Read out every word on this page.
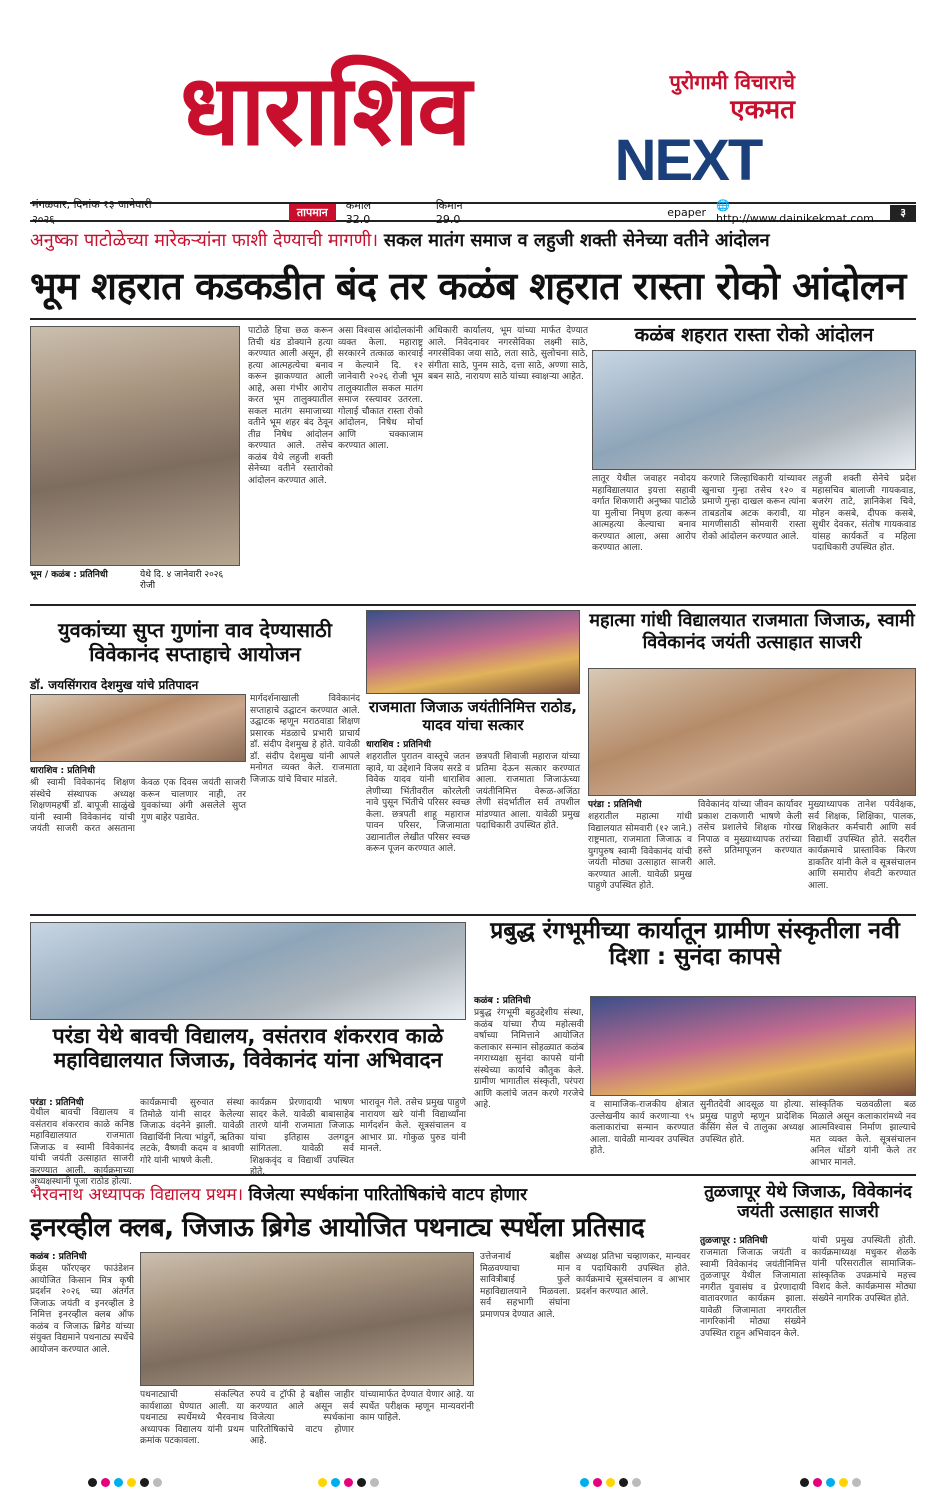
धाराशिव	पुरोगामी विचाराचे
एकमत
NEXT
मंगळवार, दिनांक १३ जानेवारी २०२६
तापमान	कमाल 32.0
किमान 29.0
epaper 🌐 http://www.dainikekmat.com	३
अनुष्का पाटोळेच्या मारेकऱ्यांना फाशी देण्याची मागणी। सकल मातंग समाज व लहुजी शक्ती सेनेच्या वतीने आंदोलन
भूम शहरात कडकडीत बंद तर कळंब शहरात रास्ता रोको आंदोलन
भूम / कळंब : प्रतिनिधी	येथे दि. ४ जानेवारी २०२६ रोजी
पाटोळे हिचा छळ करून तिची थंड डोक्याने हत्या करण्यात आली असून, ही हत्या आत्महत्येचा बनाव करून झाकण्यात आली आहे, असा गंभीर आरोप करत भूम तालुक्यातील सकल मातंग समाजाच्या वतीने भूम शहर बंद ठेवून तीव्र निषेध आंदोलन करण्यात आले. तसेच कळंब येथे लहुजी शक्ती सेनेच्या वतीने रस्तारोको आंदोलन करण्यात आले.
असा विश्वास आंदोलकांनी व्यक्त केला. महाराष्ट्र सरकारने तत्काळ कारवाई न केल्याने दि. १२ जानेवारी २०२६ रोजी भूम तालुक्यातील सकल मातंग समाज रस्त्यावर उतरला. गोलाई चौकात रास्ता रोको आंदोलन, निषेध मोर्चा आणि चक्काजाम करण्यात आला.
अधिकारी कार्यालय, भूम यांच्या मार्फत देण्यात आले. निवेदनावर नगरसेविका लक्ष्मी साठे, नगरसेविका जया साठे, लता साठे, सुलोचना साठे, संगीता साठे, पुनम साठे, दत्ता साठे, अण्णा साठे, बबन साठे, नारायण साठे यांच्या स्वाक्षऱ्या आहेत.
कळंब शहरात रास्ता रोको आंदोलन
लातूर येथील जवाहर नवोदय महाविद्यालयात इयत्ता सहावी वर्गात शिकणारी अनुष्का पाटोळे या मुलीचा निघृण हत्या करून आत्महत्या केल्याचा बनाव करण्यात आला, असा आरोप करण्यात आला.
करणारे जिल्हाधिकारी यांच्यावर खुनाचा गुन्हा तसेच १२० व प्रमाणे गुन्हा दाखल करून त्यांना ताबडतोब अटक करावी, या मागणीसाठी सोमवारी रास्ता रोको आंदोलन करण्यात आले.
लहुजी शक्ती सेनेचे प्रदेश महासचिव बालाजी गायकवाड, बजरंग ताटे, ज्ञानिकेश चिवे, मोहन कसबे, दीपक कसबे, सुधीर देवकर, संतोष गायकवाड यांसह कार्यकर्ते व महिला पदाधिकारी उपस्थित होत.
युवकांच्या सुप्त गुणांना वाव देण्यासाठी विवेकानंद सप्ताहाचे आयोजन
डॉ. जयसिंगराव देशमुख यांचे प्रतिपादन
धाराशिव : प्रतिनिधी
श्री स्वामी विवेकानंद शिक्षण संस्थेचे संस्थापक अध्यक्ष शिक्षणमहर्षी डॉ. बापूजी साळुंखे यांनी स्वामी विवेकानंद यांची जयंती साजरी करत असताना केवळ एक दिवस जयंती साजरी करून चालणार नाही, तर युवकांच्या अंगी असलेले सुप्त गुण बाहेर पडावेत.
मार्गदर्शनाखाली विवेकानंद सप्ताहाचे उद्घाटन करण्यात आले. उद्घाटक म्हणून मराठवाडा शिक्षण प्रसारक मंडळाचे प्रभारी प्राचार्य डॉ. संदीप देशमुख हे होते. यावेळी डॉ. संदीप देशमुख यांनी आपले मनोगत व्यक्त केले. राजमाता जिजाऊ यांचे विचार मांडले.
राजमाता जिजाऊ जयंतीनिमित्त राठोड, यादव यांचा सत्कार
धाराशिव : प्रतिनिधी
शहरातील पुरातन वास्तूचे जतन व्हावे, या उद्देशाने विजय सरडे व विवेक यादव यांनी धाराशिव लेणीच्या भिंतीवरील कोरलेली नावे पुसून भिंतीचे परिसर स्वच्छ केला. छत्रपती शाहू महाराज पावन परिसर, जिजामाता उद्यानातील लेखीत परिसर स्वच्छ करून पूजन करण्यात आले.
छत्रपती शिवाजी महाराज यांच्या प्रतिमा देऊन सत्कार करण्यात आला. राजमाता जिजाऊंच्या जयंतीनिमित्त वेरूळ-अजिंठा लेणी संदर्भातील सर्व तपशील मांडण्यात आला. यावेळी प्रमुख पदाधिकारी उपस्थित होते.
महात्मा गांधी विद्यालयात राजमाता जिजाऊ, स्वामी विवेकानंद जयंती उत्साहात साजरी
परंडा : प्रतिनिधी
शहरातील महात्मा गांधी विद्यालयात सोमवारी (१२ जाने.) राष्ट्रमाता, राजमाता जिजाऊ व युगपुरुष स्वामी विवेकानंद यांची जयंती मोठ्या उत्साहात साजरी करण्यात आली. यावेळी प्रमुख पाहुणे उपस्थित होते.
विवेकानंद यांच्या जीवन कार्यावर प्रकाश टाकणारी भाषणे केली तसेच प्रशालेचे शिक्षक गोरख निपाळ व मुख्याध्यापक तरांच्या हस्ते प्रतिमापूजन करण्यात आले.
मुख्याध्यापक तानेश पर्यवेक्षक, सर्व शिक्षक, शिक्षिका, पालक, शिक्षकेतर कर्मचारी आणि सर्व विद्यार्थी उपस्थित होते. सदरील कार्यक्रमाचे प्रास्ताविक किरण डाकतिर यांनी केले व सूत्रसंचालन आणि समारोप शेवटी करण्यात आला.
परंडा येथे बावची विद्यालय, वसंतराव शंकरराव काळे महाविद्यालयात जिजाऊ, विवेकानंद यांना अभिवादन
परंडा : प्रतिनिधी
येथील बावची विद्यालय व वसंतराव शंकरराव काळे कनिष्ठ महाविद्यालयात राजमाता जिजाऊ व स्वामी विवेकानंद यांची जयंती उत्साहात साजरी करण्यात आली. कार्यक्रमाच्या अध्यक्षस्थानी पूजा राठोड होत्या.
कार्यक्रमाची सुरुवात संस्था तिमोळे यांनी सादर केलेल्या जिजाऊ वंदनेने झाली. यावेळी विद्यार्थिनी नित्या भांडुर्गे, ऋतिका लटके, वैष्णवी कदम व श्रावणी गोरे यांनी भाषणे केली.
कार्यक्रम प्रेरणादायी भाषण सादर केले. यावेळी बाबासाहेब तारणे यांनी राजमाता जिजाऊ यांचा इतिहास उलगडून सांगितला. यावेळी सर्व शिक्षकवृंद व विद्यार्थी उपस्थित होते.
भारावून गेले. तसेच प्रमुख पाहुणे नारायण खरे यांनी विद्यार्थ्यांना मार्गदर्शन केले. सूत्रसंचालन व आभार प्रा. गोकुळ पुरुड यांनी मानले.
प्रबुद्ध रंगभूमीच्या कार्यातून ग्रामीण संस्कृतीला नवी दिशा : सुनंदा कापसे
कळंब : प्रतिनिधी
प्रबुद्ध रंगभूमी बहुउद्देशीय संस्था, कळंब यांच्या रौप्य महोत्सवी वर्षाच्या निमित्ताने आयोजित कलाकार सन्मान सोहळ्यात कळंब नगराध्यक्षा सुनंदा कापसे यांनी संस्थेच्या कार्याचे कौतुक केले. ग्रामीण भागातील संस्कृती, परंपरा आणि कलांचे जतन करणे गरजेचे आहे.	व सामाजिक-राजकीय क्षेत्रात उल्लेखनीय कार्य करणाऱ्या ९५ कलाकारांचा सन्मान करण्यात आला. यावेळी मान्यवर उपस्थित होते.
सुनीतदेवी आदसूळ या होत्या. प्रमुख पाहुणे म्हणून प्रादेशिक कॅसिंग सेल चे तालुका अध्यक्ष उपस्थित होते.
सांस्कृतिक चळवळीला बळ मिळाले असून कलाकारांमध्ये नव आत्मविश्वास निर्माण झाल्याचे मत व्यक्त केले. सूत्रसंचालन अनिल धोंडगे यांनी केले तर आभार मानले.
भैरवनाथ अध्यापक विद्यालय प्रथम। विजेत्या स्पर्धकांना पारितोषिकांचे वाटप होणार
इनरव्हील क्लब, जिजाऊ ब्रिगेड आयोजित पथनाट्य स्पर्धेला प्रतिसाद
कळंब : प्रतिनिधी
फ्रेंड्स फॉरएव्हर फाउंडेशन आयोजित किसान मित्र कृषी प्रदर्शन २०२६ च्या अंतर्गत जिजाऊ जयंती व इनरव्हील डे निमित्त इनरव्हील क्लब ऑफ कळंब व जिजाऊ ब्रिगेड यांच्या संयुक्त विद्यमाने पथनाट्य स्पर्धेचे आयोजन करण्यात आले.
पथनाट्याची संकल्पित कार्यशाळा घेण्यात आली. या पथनाट्य स्पर्धेमध्ये भैरवनाथ अध्यापक विद्यालय यांनी प्रथम क्रमांक पटकावला.
रुपये व ट्रॉफी हे बक्षीस जाहीर करण्यात आले असून सर्व विजेत्या स्पर्धकांना पारितोषिकांचे वाटप होणार आहे.
यांच्यामार्फत देण्यात येणार आहे. या स्पर्धेत परीक्षक म्हणून मान्यवरांनी काम पाहिले.
उत्तेजनार्थ बक्षीस मिळवण्याचा मान सावित्रीबाई फुले महाविद्यालयाने मिळवला. सर्व सहभागी संघांना प्रमाणपत्र देण्यात आले.
अध्यक्ष प्रतिभा चव्हाणकर, मान्यवर व पदाधिकारी उपस्थित होते. कार्यक्रमाचे सूत्रसंचालन व आभार प्रदर्शन करण्यात आले.
तुळजापूर येथे जिजाऊ, विवेकानंद जयंती उत्साहात साजरी
तुळजापूर : प्रतिनिधी
राजमाता जिजाऊ जयंती व स्वामी विवेकानंद जयंतीनिमित्त तुळजापूर येथील जिजामाता नगरीत युवासंघ व प्रेरणादायी वातावरणात कार्यक्रम झाला. यावेळी जिजामाता नगरातील नागरिकांनी मोठ्या संख्येने उपस्थित राहून अभिवादन केले.
यांची प्रमुख उपस्थिती होती. कार्यक्रमाध्यक्ष मधुकर शेळके यांनी परिसरातील सामाजिक-सांस्कृतिक उपक्रमांचे महत्त्व विशद केले. कार्यक्रमास मोठ्या संख्येने नागरिक उपस्थित होते.
